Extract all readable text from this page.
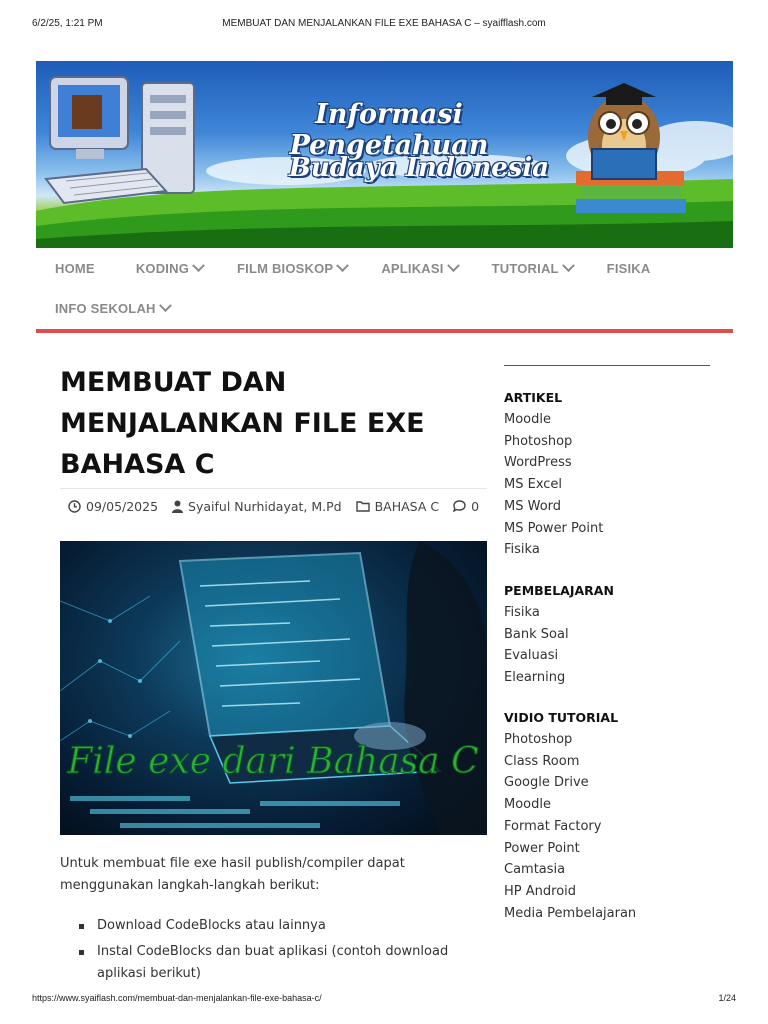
6/2/25, 1:21 PM	MEMBUAT DAN MENJALANKAN FILE EXE BAHASA C – syaifflash.com
Informasi Pengetahuan
Budaya Indonesia
HOME	KODING	FILM BIOSKOP	APLIKASI	TUTORIAL	FISIKA
INFO SEKOLAH
MEMBUAT DAN MENJALANKAN FILE EXE BAHASA C
09/05/2025 Syaiful Nurhidayat, M.Pd	BAHASA C	0
File exe dari Bahasa C

Untuk membuat file exe hasil publish/compiler dapat menggunakan langkah-langkah berikut:

Download CodeBlocks atau lainnya
Instal CodeBlocks dan buat aplikasi (contoh download aplikasi berikut)
ARTIKEL
Moodle
Photoshop
WordPress
MS Excel
MS Word
MS Power Point
Fisika
PEMBELAJARAN
Fisika
Bank Soal
Evaluasi
Elearning
VIDIO TUTORIAL
Photoshop
Class Room
Google Drive
Moodle
Format Factory
Power Point
Camtasia
HP Android
Media Pembelajaran
https://www.syaiflash.com/membuat-dan-menjalankan-file-exe-bahasa-c/	1/24
